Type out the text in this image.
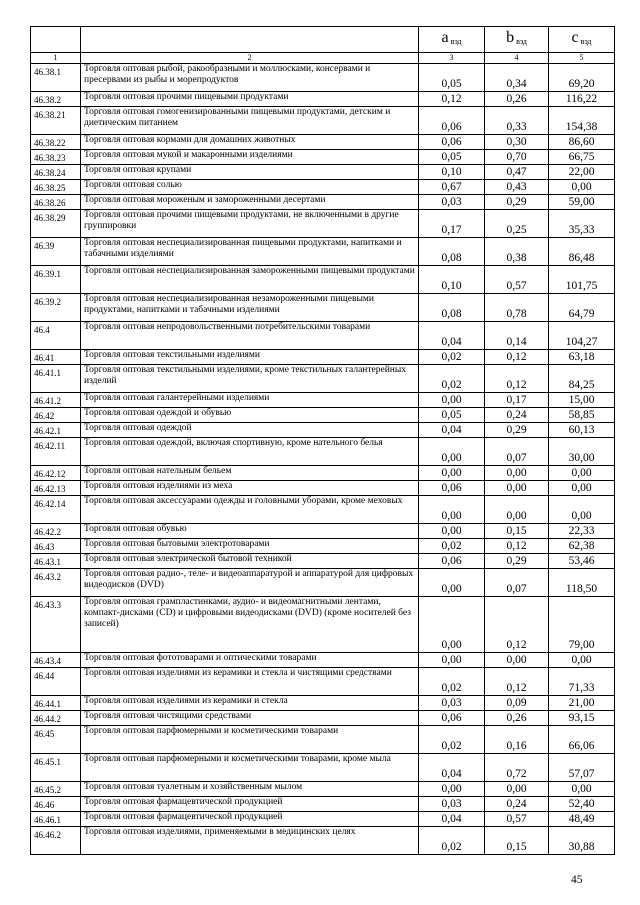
		а $_{вэд}$	b $_{вэд}$	c $_{вэд}$
1	2	3	4	5
46.38.1	Торговля оптовая рыбой, ракообразными и моллюсками, консервами и пресервами из рыбы и морепродуктов	0,05	0,34	69,20
46.38.2	Торговля оптовая прочими пищевыми продуктами	0,12	0,26	116,22
46.38.21	Торговля оптовая гомогенизированными пищевыми продуктами, детским и диетическим питанием	0,06	0,33	154,38
46.38.22	Торговля оптовая кормами для домашних животных	0,06	0,30	86,60
46.38.23	Торговля оптовая мукой и макаронными изделиями	0,05	0,70	66,75
46.38.24	Торговля оптовая крупами	0,10	0,47	22,00
46.38.25	Торговля оптовая солью	0,67	0,43	0,00
46.38.26	Торговля оптовая мороженым и замороженными десертами	0,03	0,29	59,00
46.38.29	Торговля оптовая прочими пищевыми продуктами, не включенными в другие группировки	0,17	0,25	35,33
46.39	Торговля оптовая неспециализированная пищевыми продуктами, напитками и табачными изделиями	0,08	0,38	86,48
46.39.1	Торговля оптовая неспециализированная замороженными пищевыми продуктами	0,10	0,57	101,75
46.39.2	Торговля оптовая неспециализированная незамороженными пищевыми продуктами, напитками и табачными изделиями	0,08	0,78	64,79
46.4	Торговля оптовая непродовольственными потребительскими товарами	0,04	0,14	104,27
46.41	Торговля оптовая текстильными изделиями	0,02	0,12	63,18
46.41.1	Торговля оптовая текстильными изделиями, кроме текстильных галантерейных изделий	0,02	0,12	84,25
46.41.2	Торговля оптовая галантерейными изделиями	0,00	0,17	15,00
46.42	Торговля оптовая одеждой и обувью	0,05	0,24	58,85
46.42.1	Торговля оптовая одеждой	0,04	0,29	60,13
46.42.11	Торговля оптовая одеждой, включая спортивную, кроме нательного белья	0,00	0,07	30,00
46.42.12	Торговля оптовая нательным бельем	0,00	0,00	0,00
46.42.13	Торговля оптовая изделиями из меха	0,06	0,00	0,00
46.42.14	Торговля оптовая аксессуарами одежды и головными уборами, кроме меховых	0,00	0,00	0,00
46.42.2	Торговля оптовая обувью	0,00	0,15	22,33
46.43	Торговля оптовая бытовыми электротоварами	0,02	0,12	62,38
46.43.1	Торговля оптовая электрической бытовой техникой	0,06	0,29	53,46
46.43.2	Торговля оптовая радио-, теле- и видеоаппаратурой и аппаратурой для цифровых видеодисков (DVD)	0,00	0,07	118,50
46.43.3	Торговля оптовая грампластинками, аудио- и видеомагнитными лентами, компакт-дисками (CD) и цифровыми видеодисками (DVD) (кроме носителей без записей)	0,00	0,12	79,00
46.43.4	Торговля оптовая фототоварами и оптическими товарами	0,00	0,00	0,00
46.44	Торговля оптовая изделиями из керамики и стекла и чистящими средствами	0,02	0,12	71,33
46.44.1	Торговля оптовая изделиями из керамики и стекла	0,03	0,09	21,00
46.44.2	Торговля оптовая чистящими средствами	0,06	0,26	93,15
46.45	Торговля оптовая парфюмерными и косметическими товарами	0,02	0,16	66,06
46.45.1	Торговля оптовая парфюмерными и косметическими товарами, кроме мыла	0,04	0,72	57,07
46.45.2	Торговля оптовая туалетным и хозяйственным мылом	0,00	0,00	0,00
46.46	Торговля оптовая фармацевтической продукцией	0,03	0,24	52,40
46.46.1	Торговля оптовая фармацевтической продукцией	0,04	0,57	48,49
46.46.2	Торговля оптовая изделиями, применяемыми в медицинских целях	0,02	0,15	30,88
45
